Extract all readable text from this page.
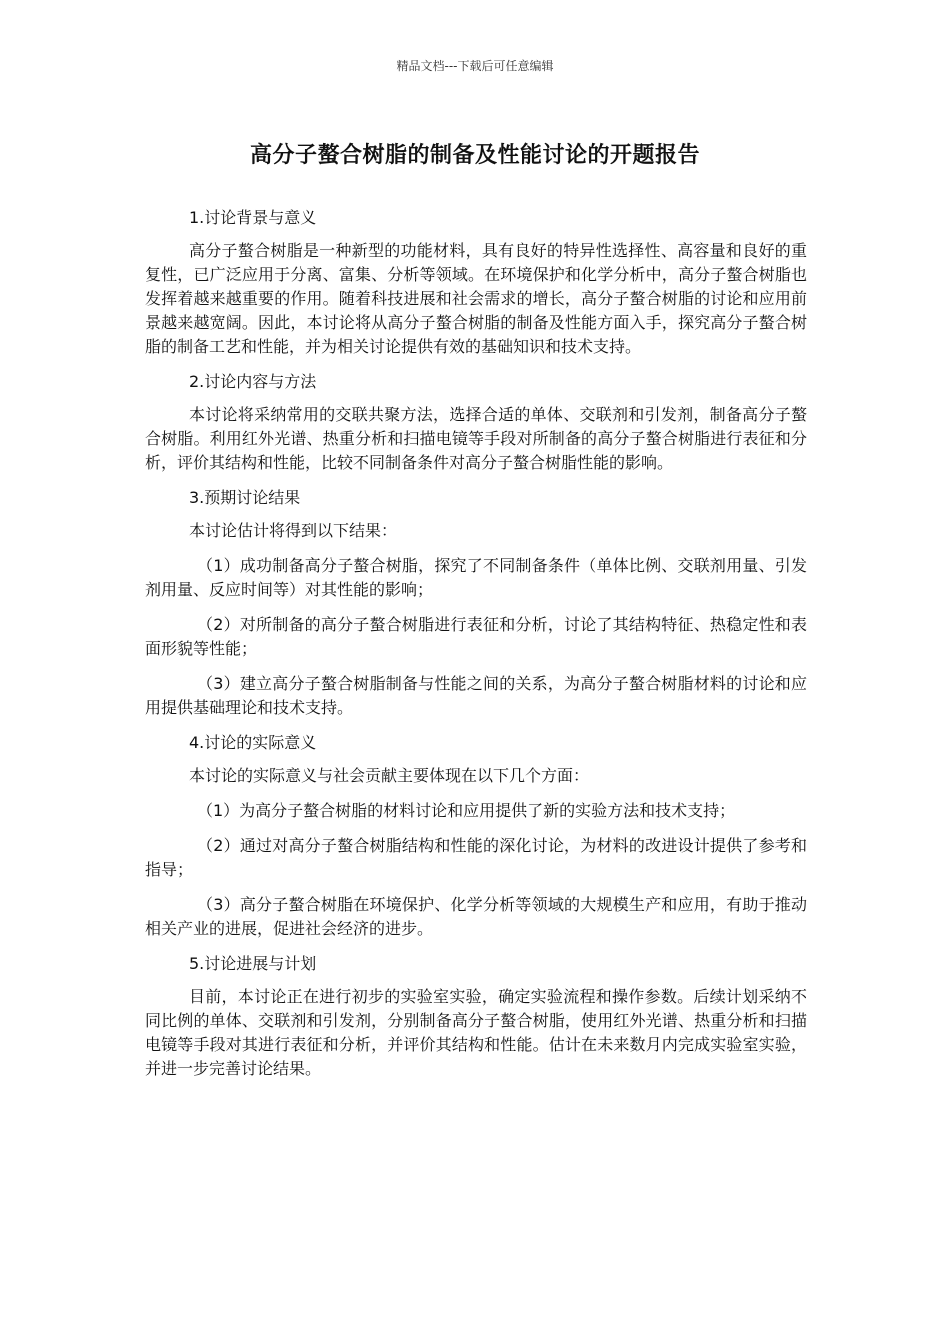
精品文档---下载后可任意编辑
高分子螯合树脂的制备及性能讨论的开题报告

1.讨论背景与意义

高分子螯合树脂是一种新型的功能材料，具有良好的特异性选择性、高容量和良好的重复性，已广泛应用于分离、富集、分析等领域。在环境保护和化学分析中，高分子螯合树脂也发挥着越来越重要的作用。随着科技进展和社会需求的增长，高分子螯合树脂的讨论和应用前景越来越宽阔。因此，本讨论将从高分子螯合树脂的制备及性能方面入手，探究高分子螯合树脂的制备工艺和性能，并为相关讨论提供有效的基础知识和技术支持。

2.讨论内容与方法

本讨论将采纳常用的交联共聚方法，选择合适的单体、交联剂和引发剂，制备高分子螯合树脂。利用红外光谱、热重分析和扫描电镜等手段对所制备的高分子螯合树脂进行表征和分析，评价其结构和性能，比较不同制备条件对高分子螯合树脂性能的影响。

3.预期讨论结果

本讨论估计将得到以下结果：

（1）成功制备高分子螯合树脂，探究了不同制备条件（单体比例、交联剂用量、引发剂用量、反应时间等）对其性能的影响；

（2）对所制备的高分子螯合树脂进行表征和分析，讨论了其结构特征、热稳定性和表面形貌等性能；

（3）建立高分子螯合树脂制备与性能之间的关系，为高分子螯合树脂材料的讨论和应用提供基础理论和技术支持。

4.讨论的实际意义

本讨论的实际意义与社会贡献主要体现在以下几个方面：

（1）为高分子螯合树脂的材料讨论和应用提供了新的实验方法和技术支持；

（2）通过对高分子螯合树脂结构和性能的深化讨论，为材料的改进设计提供了参考和指导；

（3）高分子螯合树脂在环境保护、化学分析等领域的大规模生产和应用，有助于推动相关产业的进展，促进社会经济的进步。

5.讨论进展与计划

目前，本讨论正在进行初步的实验室实验，确定实验流程和操作参数。后续计划采纳不同比例的单体、交联剂和引发剂，分别制备高分子螯合树脂，使用红外光谱、热重分析和扫描电镜等手段对其进行表征和分析，并评价其结构和性能。估计在未来数月内完成实验室实验，并进一步完善讨论结果。
